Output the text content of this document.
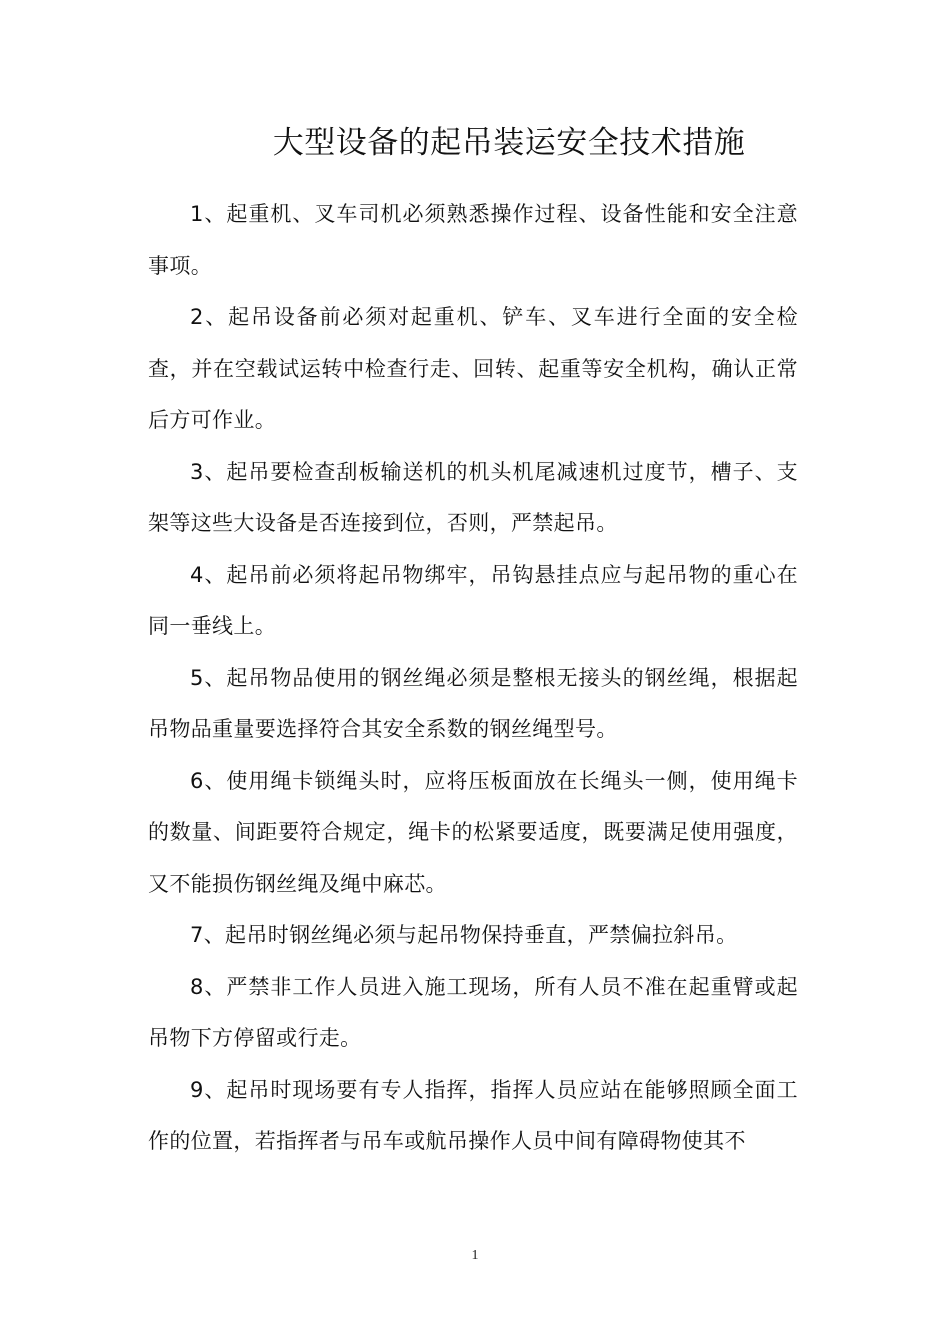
大型设备的起吊装运安全技术措施

1、起重机、叉车司机必须熟悉操作过程、设备性能和安全注意事项。

2、起吊设备前必须对起重机、铲车、叉车进行全面的安全检查，并在空载试运转中检查行走、回转、起重等安全机构，确认正常后方可作业。

3、起吊要检查刮板输送机的机头机尾减速机过度节，槽子、支架等这些大设备是否连接到位，否则，严禁起吊。

4、起吊前必须将起吊物绑牢，吊钩悬挂点应与起吊物的重心在同一垂线上。

5、起吊物品使用的钢丝绳必须是整根无接头的钢丝绳，根据起吊物品重量要选择符合其安全系数的钢丝绳型号。

6、使用绳卡锁绳头时，应将压板面放在长绳头一侧，使用绳卡的数量、间距要符合规定，绳卡的松紧要适度，既要满足使用强度，又不能损伤钢丝绳及绳中麻芯。

7、起吊时钢丝绳必须与起吊物保持垂直，严禁偏拉斜吊。

8、严禁非工作人员进入施工现场，所有人员不准在起重臂或起吊物下方停留或行走。

9、起吊时现场要有专人指挥，指挥人员应站在能够照顾全面工作的位置，若指挥者与吊车或航吊操作人员中间有障碍物使其不

1
